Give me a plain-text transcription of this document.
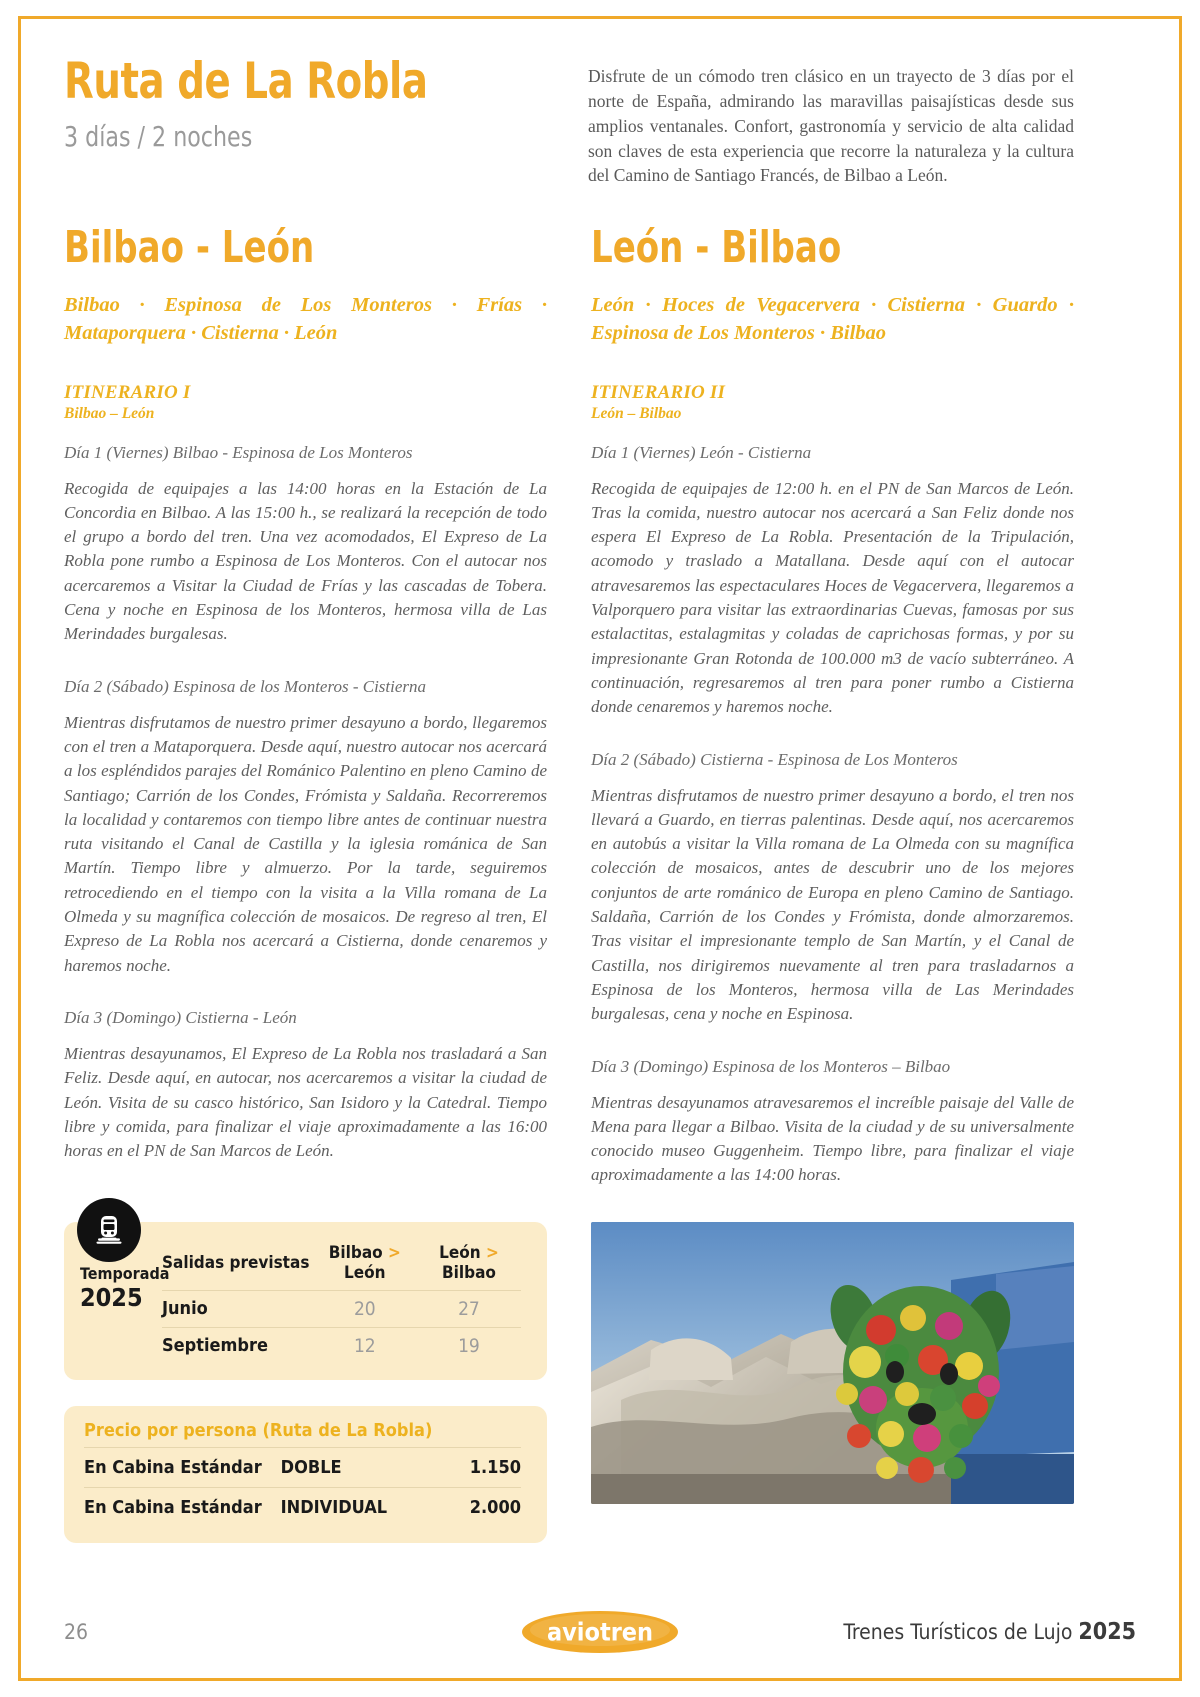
Ruta de La Robla

3 días / 2 noches

Disfrute de un cómodo tren clásico en un trayecto de 3 días por el norte de España, admirando las maravillas paisajísticas desde sus amplios ventanales. Confort, gastronomía y servicio de alta calidad son claves de esta experiencia que recorre la naturaleza y la cultura del Camino de Santiago Francés, de Bilbao a León.

Bilbao - León

Bilbao · Espinosa de Los Monteros · Frías · Mataporquera · Cistierna · León

ITINERARIO I

Bilbao – León

Día 1 (Viernes) Bilbao - Espinosa de Los Monteros

Recogida de equipajes a las 14:00 horas en la Estación de La Concordia en Bilbao. A las 15:00 h., se realizará la recepción de todo el grupo a bordo del tren. Una vez acomodados, El Expreso de La Robla pone rumbo a Espinosa de Los Monteros. Con el autocar nos acercaremos a Visitar la Ciudad de Frías y las cascadas de Tobera. Cena y noche en Espinosa de los Monteros, hermosa villa de Las Merindades burgalesas.

Día 2 (Sábado) Espinosa de los Monteros - Cistierna

Mientras disfrutamos de nuestro primer desayuno a bordo, llegaremos con el tren a Mataporquera. Desde aquí, nuestro autocar nos acercará a los espléndidos parajes del Románico Palentino en pleno Camino de Santiago; Carrión de los Condes, Frómista y Saldaña. Recorreremos la localidad y contaremos con tiempo libre antes de continuar nuestra ruta visitando el Canal de Castilla y la iglesia románica de San Martín. Tiempo libre y almuerzo. Por la tarde, seguiremos retrocediendo en el tiempo con la visita a la Villa romana de La Olmeda y su magnífica colección de mosaicos. De regreso al tren, El Expreso de La Robla nos acercará a Cistierna, donde cenaremos y haremos noche.

Día 3 (Domingo) Cistierna - León

Mientras desayunamos, El Expreso de La Robla nos trasladará a San Feliz. Desde aquí, en autocar, nos acercaremos a visitar la ciudad de León. Visita de su casco histórico, San Isidoro y la Catedral. Tiempo libre y comida, para finalizar el viaje aproximadamente a las 16:00 horas en el PN de San Marcos de León.

León - Bilbao

León · Hoces de Vegacervera · Cistierna · Guardo · Espinosa de Los Monteros · Bilbao

ITINERARIO II

León – Bilbao

Día 1 (Viernes) León - Cistierna

Recogida de equipajes de 12:00 h. en el PN de San Marcos de León. Tras la comida, nuestro autocar nos acercará a San Feliz donde nos espera El Expreso de La Robla. Presentación de la Tripulación, acomodo y traslado a Matallana. Desde aquí con el autocar atravesaremos las espectaculares Hoces de Vegacervera, llegaremos a Valporquero para visitar las extraordinarias Cuevas, famosas por sus estalactitas, estalagmitas y coladas de caprichosas formas, y por su impresionante Gran Rotonda de 100.000 m3 de vacío subterráneo. A continuación, regresaremos al tren para poner rumbo a Cistierna donde cenaremos y haremos noche.

Día 2 (Sábado) Cistierna - Espinosa de Los Monteros

Mientras disfrutamos de nuestro primer desayuno a bordo, el tren nos llevará a Guardo, en tierras palentinas. Desde aquí, nos acercaremos en autobús a visitar la Villa romana de La Olmeda con su magnífica colección de mosaicos, antes de descubrir uno de los mejores conjuntos de arte románico de Europa en pleno Camino de Santiago. Saldaña, Carrión de los Condes y Frómista, donde almorzaremos. Tras visitar el impresionante templo de San Martín, y el Canal de Castilla, nos dirigiremos nuevamente al tren para trasladarnos a Espinosa de los Monteros, hermosa villa de Las Merindades burgalesas, cena y noche en Espinosa.

Día 3 (Domingo) Espinosa de los Monteros – Bilbao

Mientras desayunamos atravesaremos el increíble paisaje del Valle de Mena para llegar a Bilbao. Visita de la ciudad y de su universalmente conocido museo Guggenheim. Tiempo libre, para finalizar el viaje aproximadamente a las 14:00 horas.

Temporada
2025
Salidas previstas	Bilbao > León	León > Bilbao
Junio	20	27
Septiembre	12	19

Precio por persona (Ruta de La Robla)

En Cabina Estándar	DOBLE	1.150
En Cabina Estándar	INDIVIDUAL	2.000
26	aviotren	Trenes Turísticos de Lujo 2025
